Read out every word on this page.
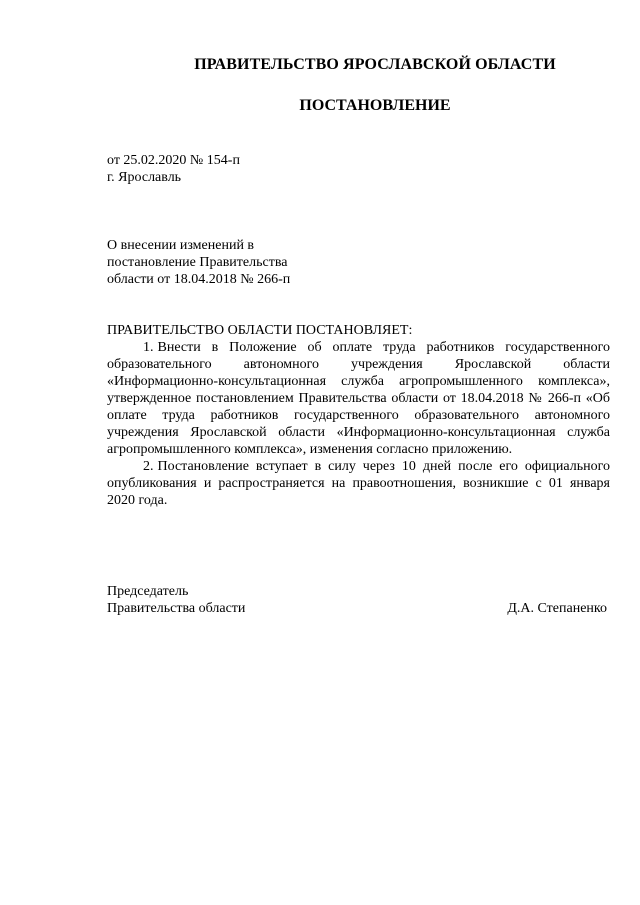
ПРАВИТЕЛЬСТВО ЯРОСЛАВСКОЙ ОБЛАСТИ
ПОСТАНОВЛЕНИЕ
от 25.02.2020 № 154-п
г. Ярославль
О внесении изменений в
постановление Правительства
области от 18.04.2018 № 266-п
ПРАВИТЕЛЬСТВО ОБЛАСТИ ПОСТАНОВЛЯЕТ:

1. Внести в Положение об оплате труда работников государственного образовательного автономного учреждения Ярославской области «Информационно-консультационная служба агропромышленного комплекса», утвержденное постановлением Правительства области от 18.04.2018 № 266-п «Об оплате труда работников государственного образовательного автономного учреждения Ярославской области «Информационно-консультационная служба агропромышленного комплекса», изменения согласно приложению.

2. Постановление вступает в силу через 10 дней после его официального опубликования и распространяется на правоотношения, возникшие с 01 января 2020 года.

Председатель
Правительства области	Д.А. Степаненко
